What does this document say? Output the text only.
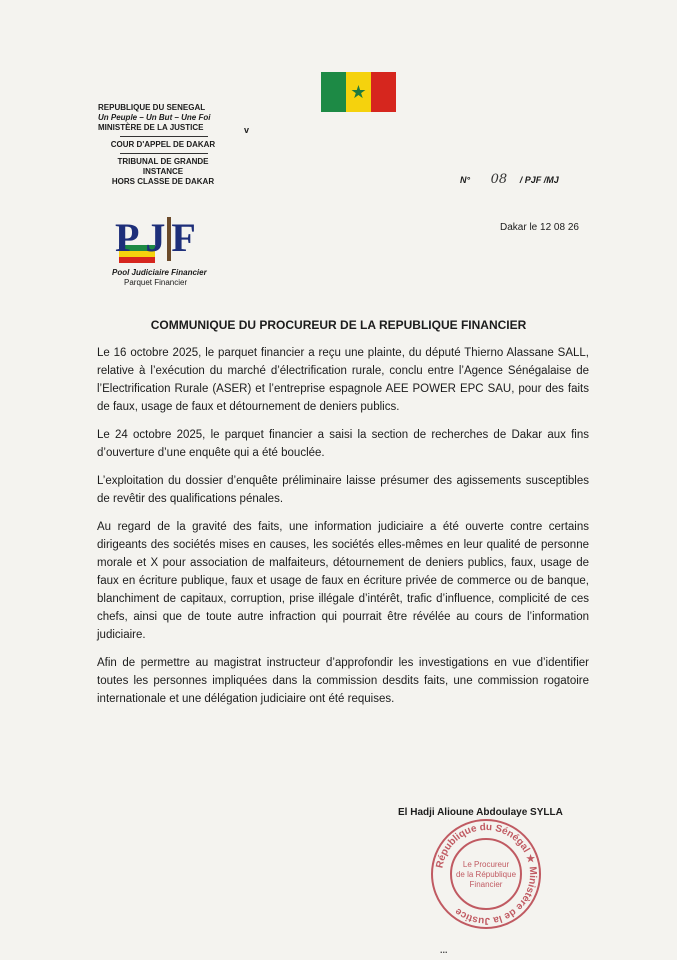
★
REPUBLIQUE DU SENEGAL
Un Peuple – Un But – Une Foi
MINISTÈRE DE LA JUSTICE	v
COUR D'APPEL DE DAKAR
TRIBUNAL DE GRANDE
INSTANCE
HORS CLASSE DE DAKAR
PJF
Pool Judiciaire Financier
Parquet Financier
N° 08 / PJF /MJ
Dakar le 12 08 26
COMMUNIQUE DU PROCUREUR DE LA REPUBLIQUE FINANCIER

Le 16 octobre 2025, le parquet financier a reçu une plainte, du député Thierno Alassane SALL, relative à l’exécution du marché d’électrification rurale, conclu entre l’Agence Sénégalaise de l’Electrification Rurale (ASER) et l’entreprise espagnole AEE POWER EPC SAU, pour des faits de faux, usage de faux et détournement de deniers publics.

Le 24 octobre 2025, le parquet financier a saisi la section de recherches de Dakar aux fins d’ouverture d’une enquête qui a été bouclée.

L’exploitation du dossier d’enquête préliminaire laisse présumer des agissements susceptibles de revêtir des qualifications pénales.

Au regard de la gravité des faits, une information judiciaire a été ouverte contre certains dirigeants des sociétés mises en causes, les sociétés elles-mêmes en leur qualité de personne morale et X pour association de malfaiteurs, détournement de deniers publics, faux, usage de faux en écriture publique, faux et usage de faux en écriture privée de commerce ou de banque, blanchiment de capitaux, corruption, prise illégale d’intérêt, trafic d’influence, complicité de ces chefs, ainsi que de toute autre infraction qui pourrait être révélée au cours de l’information judiciaire.

Afin de permettre au magistrat instructeur d’approfondir les investigations en vue d’identifier toutes les personnes impliquées dans la commission desdits faits, une commission rogatoire internationale et une délégation judiciaire ont été requises.

El Hadji Alioune Abdoulaye SYLLA
République du Sénégal ★ Ministère de la Justice
Le Procureur
de la République
Financier
...
